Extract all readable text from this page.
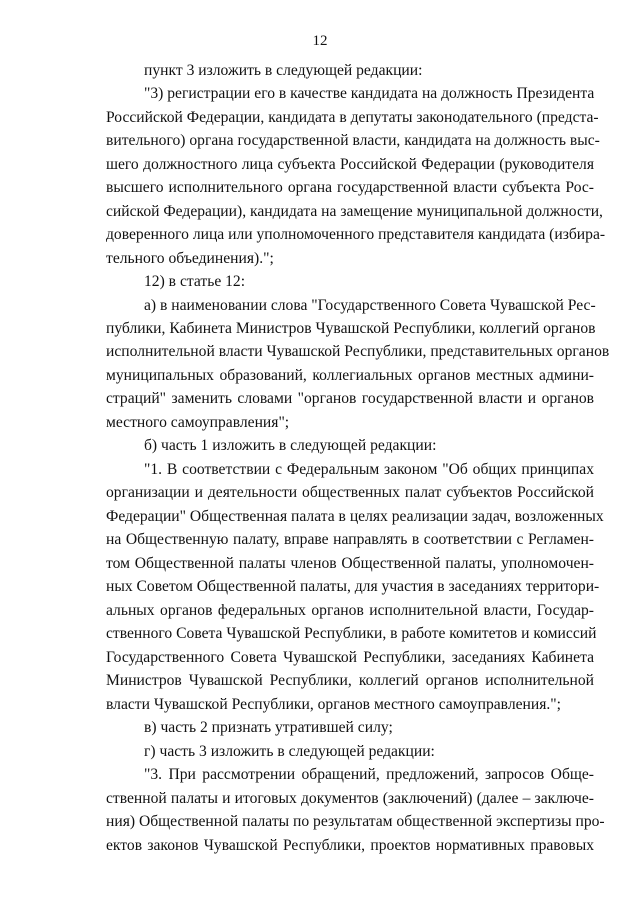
12
пункт 3 изложить в следующей редакции:
"3) регистрации его в качестве кандидата на должность Президента
Российской Федерации, кандидата в депутаты законодательного (предста-
вительного) органа государственной власти, кандидата на должность выс-
шего должностного лица субъекта Российской Федерации (руководителя
высшего исполнительного органа государственной власти субъекта Рос-
сийской Федерации), кандидата на замещение муниципальной должности,
доверенного лица или уполномоченного представителя кандидата (избира-
тельного объединения).";
12) в статье 12:
а) в наименовании слова "Государственного Совета Чувашской Рес-
публики, Кабинета Министров Чувашской Республики, коллегий органов
исполнительной власти Чувашской Республики, представительных органов
муниципальных образований, коллегиальных органов местных админи-
страций" заменить словами "органов государственной власти и органов
местного самоуправления";
б) часть 1 изложить в следующей редакции:
"1. В соответствии с Федеральным законом "Об общих принципах
организации и деятельности общественных палат субъектов Российской
Федерации" Общественная палата в целях реализации задач, возложенных
на Общественную палату, вправе направлять в соответствии с Регламен-
том Общественной палаты членов Общественной палаты, уполномочен-
ных Советом Общественной палаты, для участия в заседаниях территори-
альных органов федеральных органов исполнительной власти, Государ-
ственного Совета Чувашской Республики, в работе комитетов и комиссий
Государственного Совета Чувашской Республики, заседаниях Кабинета
Министров Чувашской Республики, коллегий органов исполнительной
власти Чувашской Республики, органов местного самоуправления.";
в) часть 2 признать утратившей силу;
г) часть 3 изложить в следующей редакции:
"3. При рассмотрении обращений, предложений, запросов Обще-
ственной палаты и итоговых документов (заключений) (далее – заключе-
ния) Общественной палаты по результатам общественной экспертизы про-
ектов законов Чувашской Республики, проектов нормативных правовых
